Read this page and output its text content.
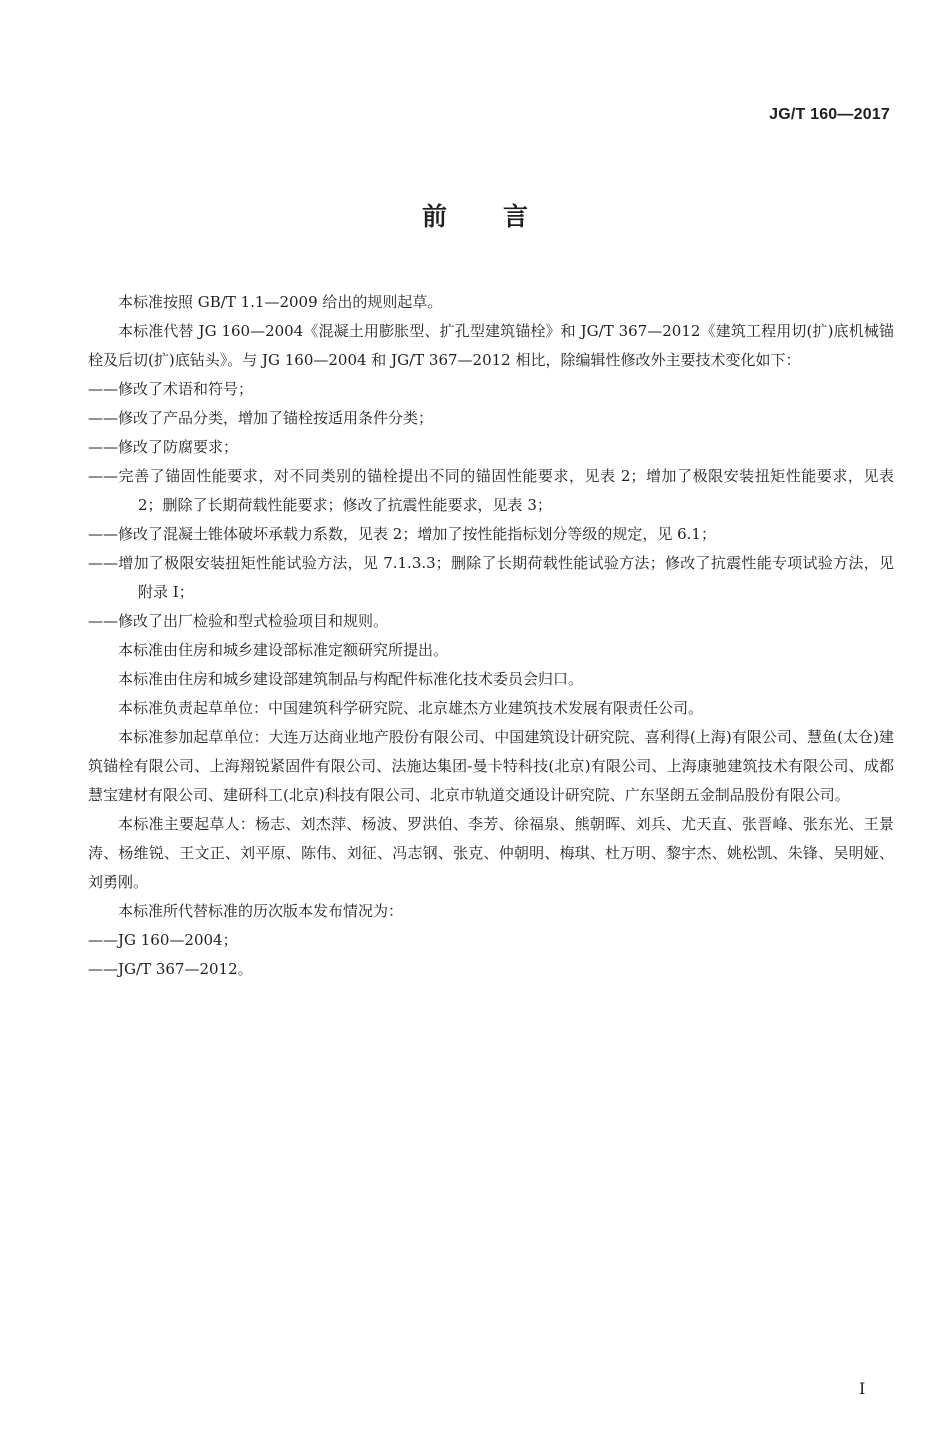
JG/T 160—2017
前言

本标准按照 GB/T 1.1—2009 给出的规则起草。

本标准代替 JG 160—2004《混凝土用膨胀型、扩孔型建筑锚栓》和 JG/T 367—2012《建筑工程用切(扩)底机械锚栓及后切(扩)底钻头》。与 JG 160—2004 和 JG/T 367—2012 相比，除编辑性修改外主要技术变化如下：

——修改了术语和符号；

——修改了产品分类，增加了锚栓按适用条件分类；

——修改了防腐要求；

——完善了锚固性能要求，对不同类别的锚栓提出不同的锚固性能要求，见表 2；增加了极限安装扭矩性能要求，见表 2；删除了长期荷载性能要求；修改了抗震性能要求，见表 3；

——修改了混凝土锥体破坏承载力系数，见表 2；增加了按性能指标划分等级的规定，见 6.1；

——增加了极限安装扭矩性能试验方法，见 7.1.3.3；删除了长期荷载性能试验方法；修改了抗震性能专项试验方法，见附录 I；

——修改了出厂检验和型式检验项目和规则。

本标准由住房和城乡建设部标准定额研究所提出。

本标准由住房和城乡建设部建筑制品与构配件标准化技术委员会归口。

本标准负责起草单位：中国建筑科学研究院、北京雄杰方业建筑技术发展有限责任公司。

本标准参加起草单位：大连万达商业地产股份有限公司、中国建筑设计研究院、喜利得(上海)有限公司、慧鱼(太仓)建筑锚栓有限公司、上海翔锐紧固件有限公司、法施达集团-曼卡特科技(北京)有限公司、上海康驰建筑技术有限公司、成都慧宝建材有限公司、建研科工(北京)科技有限公司、北京市轨道交通设计研究院、广东坚朗五金制品股份有限公司。

本标准主要起草人：杨志、刘杰萍、杨波、罗洪伯、李芳、徐福泉、熊朝晖、刘兵、尤天直、张晋峰、张东光、王景涛、杨维锐、王文正、刘平原、陈伟、刘征、冯志钢、张克、仲朝明、梅琪、杜万明、黎宇杰、姚松凯、朱锋、吴明娅、刘勇刚。

本标准所代替标准的历次版本发布情况为：

——JG 160—2004；

——JG/T 367—2012。

I
